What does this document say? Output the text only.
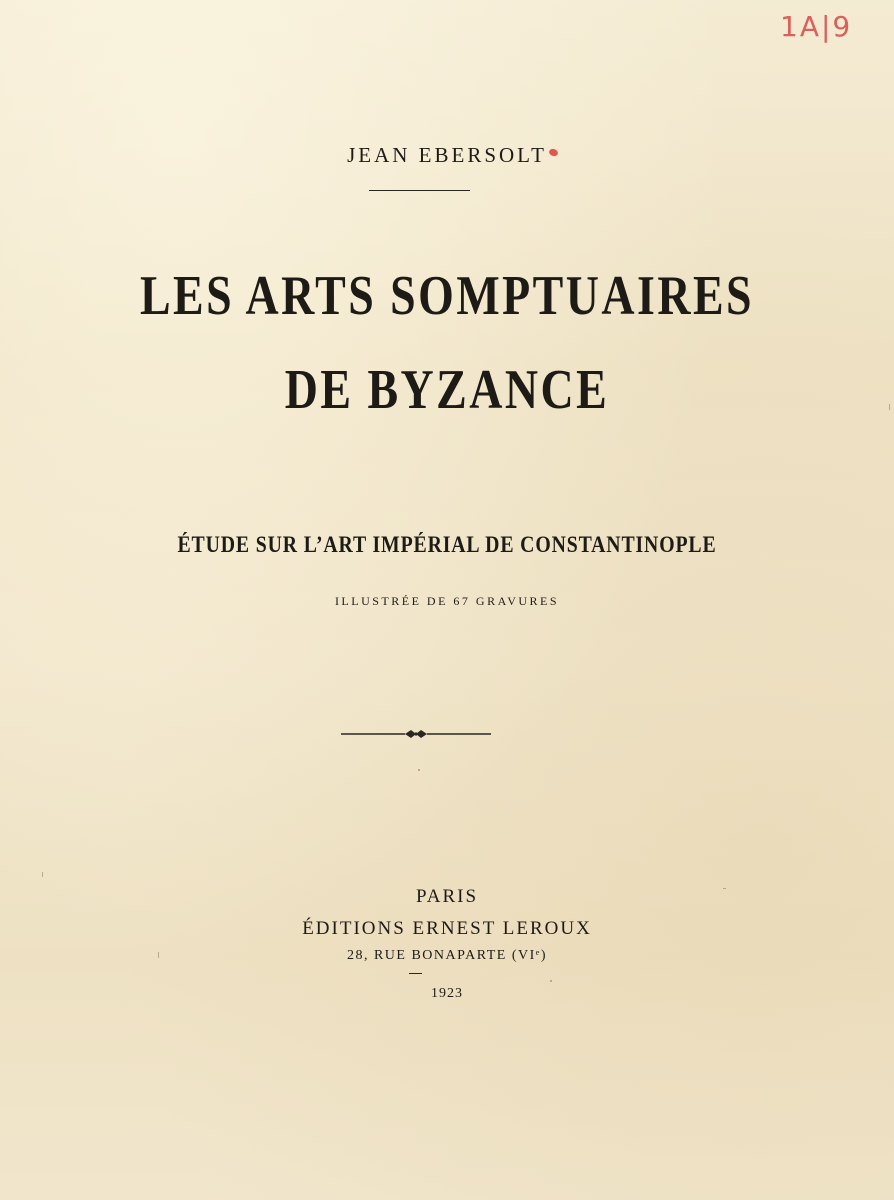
1A|9
JEAN EBERSOLT
LES ARTS SOMPTUAIRES
DE BYZANCE
ÉTUDE SUR L’ART IMPÉRIAL DE CONSTANTINOPLE
ILLUSTRÉE DE 67 GRAVURES
PARIS
ÉDITIONS ERNEST LEROUX
28, RUE BONAPARTE (VIᵉ)
1923
